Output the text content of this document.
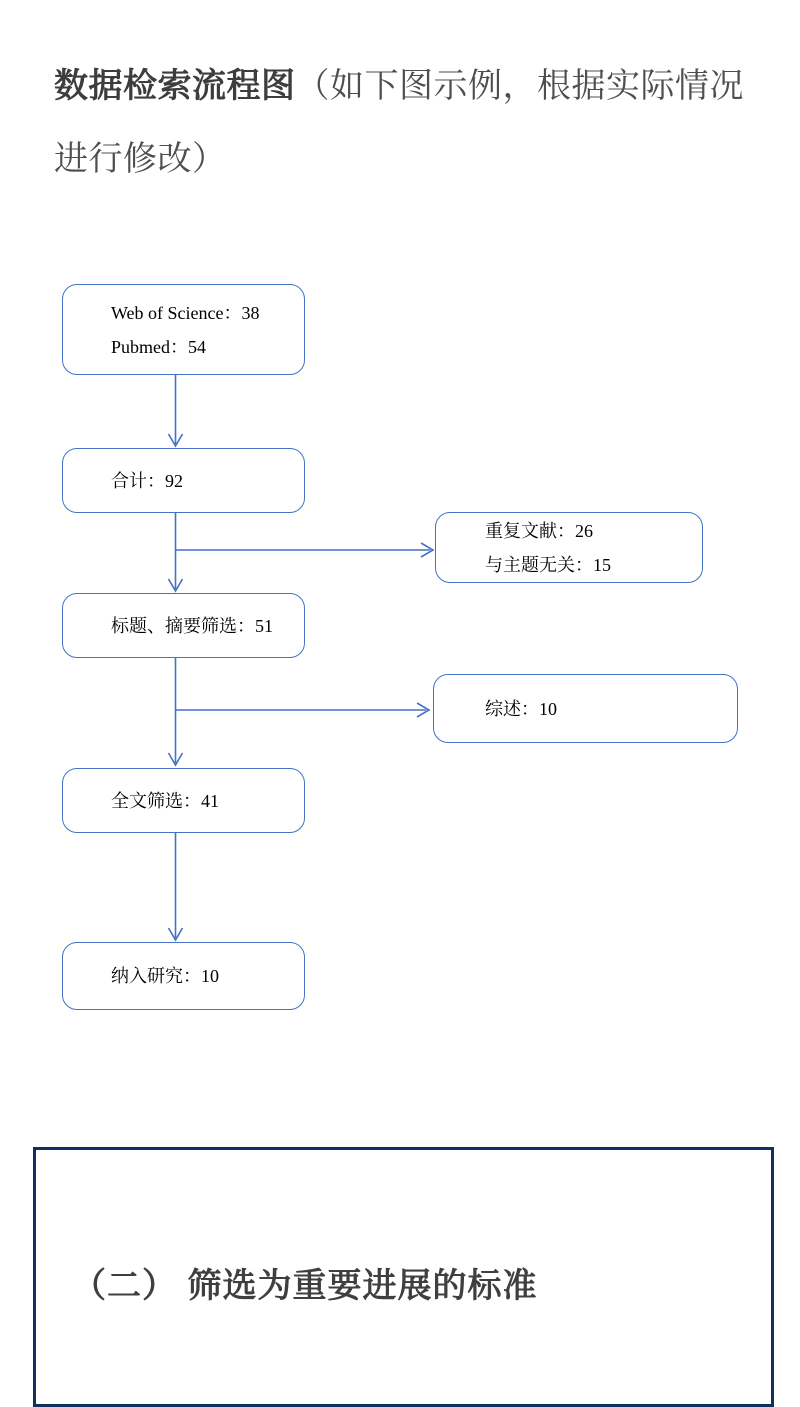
数据检索流程图（如下图示例，根据实际情况
进行修改）
Web of Science：38
Pubmed：54
合计：92
重复文献：26
与主题无关：15
标题、摘要筛选：51
综述：10
全文筛选：41
纳入研究：10
（二） 筛选为重要进展的标准
